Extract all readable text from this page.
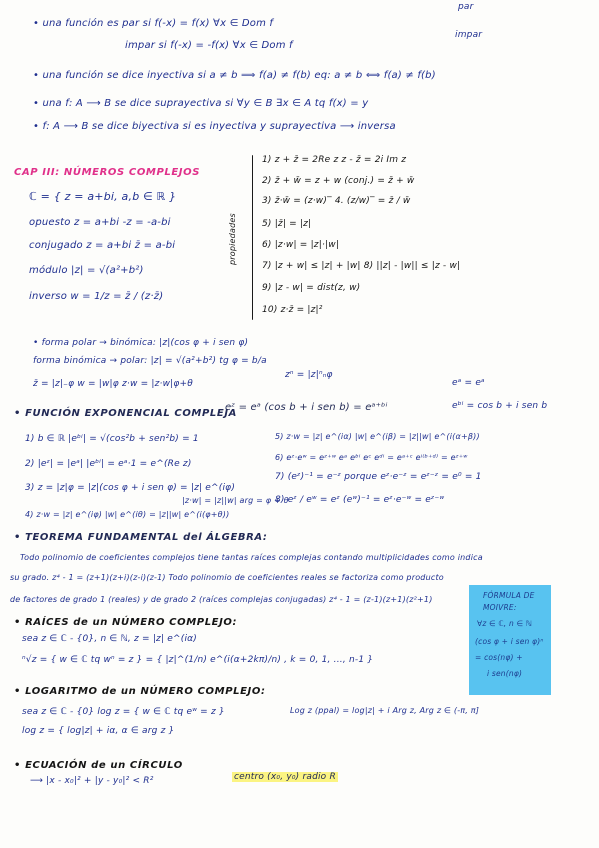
• una función es par si f(-x) = f(x) ∀x ∈ Dom f
impar si f(-x) = -f(x) ∀x ∈ Dom f
par
impar
• una función se dice inyectiva si a ≠ b ⟹ f(a) ≠ f(b) eq: a ≠ b ⟺ f(a) ≠ f(b)
• una f: A ⟶ B se dice suprayectiva si ∀y ∈ B ∃x ∈ A tq f(x) = y
• f: A ⟶ B se dice biyectiva si es inyectiva y suprayectiva ⟶ inversa
CAP III: NÚMEROS COMPLEJOS
ℂ = { z = a+bi, a,b ∈ ℝ }
opuesto z = a+bi -z = -a-bi
conjugado z = a+bi z̄ = a-bi
módulo |z| = √(a²+b²)
inverso w = 1/z = z̄ / (z·z̄)
propiedades
1) z + z̄ = 2Re z z - z̄ = 2i Im z
2) z̄ + w̄ = z + w (conj.) = z̄ + w̄
3) z̄·w̄ = (z·w)‾ 4. (z/w)‾ = z̄ / w̄
5) |z̄| = |z|
6) |z·w| = |z|·|w|
7) |z + w| ≤ |z| + |w| 8) ||z| - |w|| ≤ |z - w|
9) |z - w| = dist(z, w)
10) z·z̄ = |z|²
• forma polar → binómica: |z|(cos φ + i sen φ)
forma binómica → polar: |z| = √(a²+b²) tg φ = b/a
z̄ = |z|₋φ w = |w|φ z·w = |z·w|φ+θ
zⁿ = |z|ⁿₙφ
• FUNCIÓN EXPONENCIAL COMPLEJA
eᶻ = eᵃ (cos b + i sen b) = eᵃ⁺ᵇⁱ
eᵃ = eᵃ
eᵇⁱ = cos b + i sen b
1) b ∈ ℝ |eᵇⁱ| = √(cos²b + sen²b) = 1
2) |eᶻ| = |eᵃ| |eᵇⁱ| = eᵃ·1 = e^(Re z)
3) z = |z|φ = |z|(cos φ + i sen φ) = |z| e^(iφ)
4) z·w = |z| e^(iφ) |w| e^(iθ) = |z||w| e^(i(φ+θ))
|z·w| = |z||w| arg = φ + θ
5) z·w = |z| e^(iα) |w| e^(iβ) = |z||w| e^(i(α+β))
6) eᶻ·eʷ = eᶻ⁺ʷ eᵃ eᵇⁱ eᶜ eᵈⁱ = eᵃ⁺ᶜ eⁱ⁽ᵇ⁺ᵈ⁾ = eᶻ⁺ʷ
7) (eᶻ)⁻¹ = e⁻ᶻ porque eᶻ·e⁻ᶻ = eᶻ⁻ᶻ = e⁰ = 1
8) eᶻ / eʷ = eᶻ (eʷ)⁻¹ = eᶻ·e⁻ʷ = eᶻ⁻ʷ
• TEOREMA FUNDAMENTAL del ÁLGEBRA:
Todo polinomio de coeficientes complejos tiene tantas raíces complejas contando multiplicidades como indica
su grado. z⁴ - 1 = (z+1)(z+i)(z-i)(z-1) Todo polinomio de coeficientes reales se factoriza como producto
de factores de grado 1 (reales) y de grado 2 (raíces complejas conjugadas) z⁴ - 1 = (z-1)(z+1)(z²+1)	FÓRMULA DE
MOIVRE:
∀z ∈ ℂ, n ∈ ℕ
(cos φ + i sen φ)ⁿ
= cos(nφ) +
i sen(nφ)
• RAÍCES de un NÚMERO COMPLEJO:
sea z ∈ ℂ - {0}, n ∈ ℕ, z = |z| e^(iα)
ⁿ√z = { w ∈ ℂ tq wⁿ = z } = { |z|^(1/n) e^(i(α+2kπ)/n) , k = 0, 1, ..., n-1 }
• LOGARITMO de un NÚMERO COMPLEJO:
sea z ∈ ℂ - {0} log z = { w ∈ ℂ tq eʷ = z }
log z = { log|z| + iα, α ∈ arg z }
Log z (ppal) = log|z| + i Arg z, Arg z ∈ (-π, π]
• ECUACIÓN de un CÍRCULO
⟶ |x - x₀|² + |y - y₀|² < R²	centro (x₀, y₀) radio R
